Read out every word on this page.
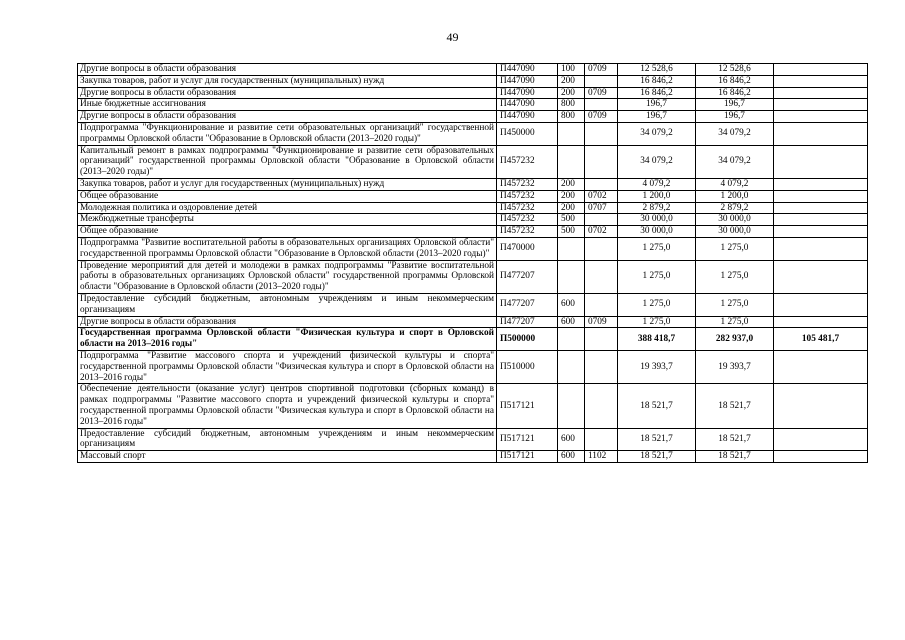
49
Другие вопросы в области образования	П447090	100	0709	12 528,6	12 528,6	
Закупка товаров, работ и услуг для государственных (муниципальных) нужд	П447090	200		16 846,2	16 846,2	
Другие вопросы в области образования	П447090	200	0709	16 846,2	16 846,2	
Иные бюджетные ассигнования	П447090	800		196,7	196,7	
Другие вопросы в области образования	П447090	800	0709	196,7	196,7	
Подпрограмма "Функционирование и развитие сети образовательных организаций" государственной программы Орловской области "Образование в Орловской области (2013–2020 годы)"	П450000			34 079,2	34 079,2	
Капитальный ремонт в рамках подпрограммы "Функционирование и развитие сети образовательных организаций" государственной программы Орловской области "Образование в Орловской области (2013–2020 годы)"	П457232			34 079,2	34 079,2	
Закупка товаров, работ и услуг для государственных (муниципальных) нужд	П457232	200		4 079,2	4 079,2	
Общее образование	П457232	200	0702	1 200,0	1 200,0	
Молодежная политика и оздоровление детей	П457232	200	0707	2 879,2	2 879,2	
Межбюджетные трансферты	П457232	500		30 000,0	30 000,0	
Общее образование	П457232	500	0702	30 000,0	30 000,0	
Подпрограмма "Развитие воспитательной работы в образовательных организациях Орловской области" государственной программы Орловской области "Образование в Орловской области (2013–2020 годы)"	П470000			1 275,0	1 275,0	
Проведение мероприятий для детей и молодежи в рамках подпрограммы "Развитие воспитательной работы в образовательных организациях Орловской области" государственной программы Орловской области "Образование в Орловской области (2013–2020 годы)"	П477207			1 275,0	1 275,0	
Предоставление субсидий бюджетным, автономным учреждениям и иным некоммерческим организациям	П477207	600		1 275,0	1 275,0	
Другие вопросы в области образования	П477207	600	0709	1 275,0	1 275,0	
Государственная программа Орловской области "Физическая культура и спорт в Орловской области на 2013–2016 годы"	П500000			388 418,7	282 937,0	105 481,7
Подпрограмма "Развитие массового спорта и учреждений физической культуры и спорта" государственной программы Орловской области "Физическая культура и спорт в Орловской области на 2013–2016 годы"	П510000			19 393,7	19 393,7	
Обеспечение деятельности (оказание услуг) центров спортивной подготовки (сборных команд) в рамках подпрограммы "Развитие массового спорта и учреждений физической культуры и спорта" государственной программы Орловской области "Физическая культура и спорт в Орловской области на 2013–2016 годы"	П517121			18 521,7	18 521,7	
Предоставление субсидий бюджетным, автономным учреждениям и иным некоммерческим организациям	П517121	600		18 521,7	18 521,7	
Массовый спорт	П517121	600	1102	18 521,7	18 521,7	
